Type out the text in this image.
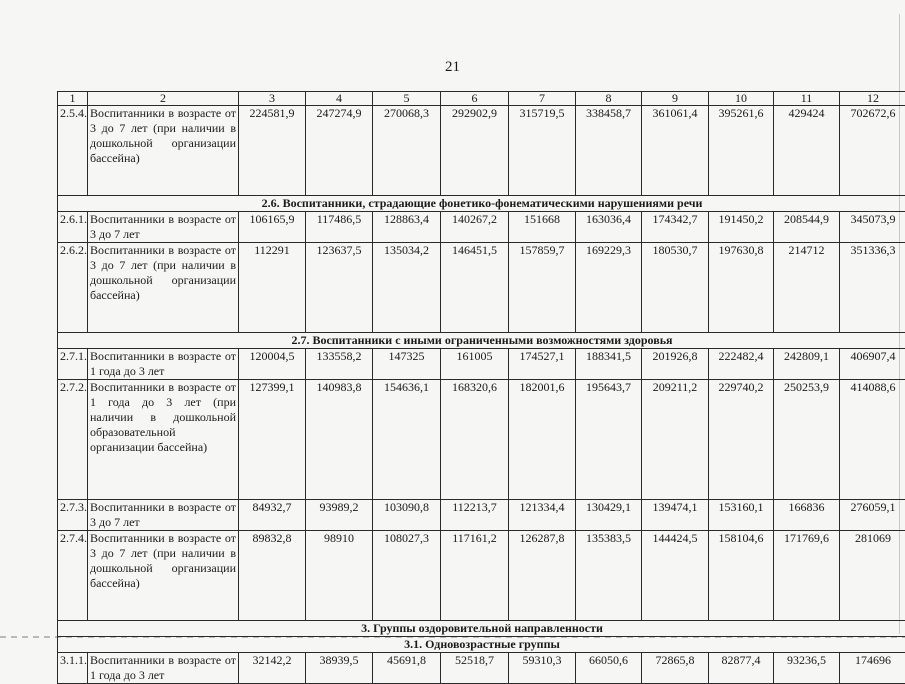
21
1	2	3	4	5	6	7	8	9	10	11	12
2.5.4.	Воспитанники в возрасте от 3 до 7 лет (при наличии в дошкольной организации бассейна)	224581,9	247274,9	270068,3	292902,9	315719,5	338458,7	361061,4	395261,6	429424	702672,6
2.6. Воспитанники, страдающие фонетико-фонематическими нарушениями речи											
2.6.1.	Воспитанники в возрасте от 3 до 7 лет	106165,9	117486,5	128863,4	140267,2	151668	163036,4	174342,7	191450,2	208544,9	345073,9
2.6.2.	Воспитанники в возрасте от 3 до 7 лет (при наличии в дошкольной организации бассейна)	112291	123637,5	135034,2	146451,5	157859,7	169229,3	180530,7	197630,8	214712	351336,3
2.7. Воспитанники с иными ограниченными возможностями здоровья											
2.7.1.	Воспитанники в возрасте от 1 года до 3 лет	120004,5	133558,2	147325	161005	174527,1	188341,5	201926,8	222482,4	242809,1	406907,4
2.7.2.	Воспитанники в возрасте от 1 года до 3 лет (при наличии в дошкольной образовательной организации бассейна)	127399,1	140983,8	154636,1	168320,6	182001,6	195643,7	209211,2	229740,2	250253,9	414088,6
2.7.3.	Воспитанники в возрасте от 3 до 7 лет	84932,7	93989,2	103090,8	112213,7	121334,4	130429,1	139474,1	153160,1	166836	276059,1
2.7.4.	Воспитанники в возрасте от 3 до 7 лет (при наличии в дошкольной организации бассейна)	89832,8	98910	108027,3	117161,2	126287,8	135383,5	144424,5	158104,6	171769,6	281069
3. Группы оздоровительной направленности											
3.1. Одновозрастные группы											
3.1.1.	Воспитанники в возрасте от 1 года до 3 лет	32142,2	38939,5	45691,8	52518,7	59310,3	66050,6	72865,8	82877,4	93236,5	174696
